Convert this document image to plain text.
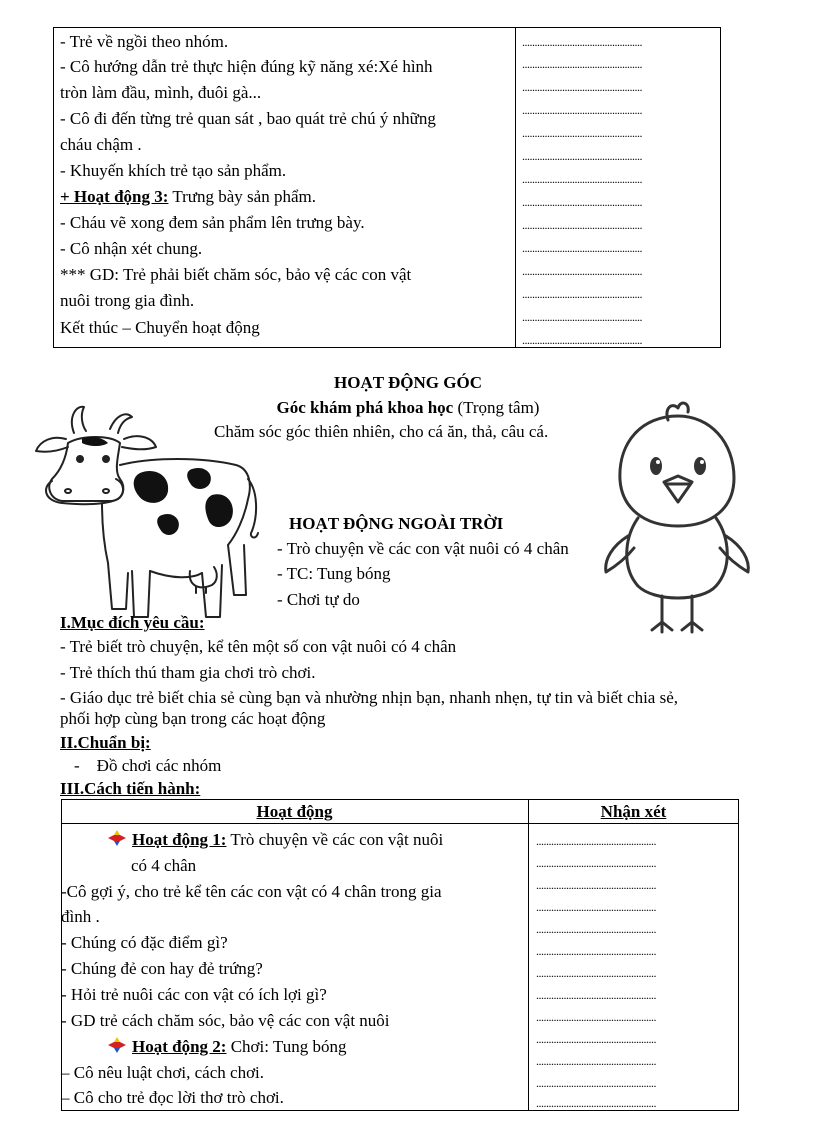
- Trẻ về ngồi theo nhóm.
- Cô hướng dẫn trẻ thực hiện đúng kỹ năng xé:Xé hình
tròn làm đầu, mình, đuôi gà...
- Cô đi đến từng trẻ quan sát , bao quát trẻ chú ý những
cháu chậm .
- Khuyến khích trẻ tạo sản phẩm.
+ Hoạt động 3: Trưng bày sản phẩm.
- Cháu vẽ xong đem sản phẩm lên trưng bày.
- Cô nhận xét chung.
*** GD: Trẻ phải biết chăm sóc, bảo vệ các con vật
nuôi trong gia đình.
Kết thúc – Chuyển hoạt động
................................................
................................................
................................................
................................................
................................................
................................................
................................................
................................................
................................................
................................................
................................................
................................................
................................................
................................................
HOẠT ĐỘNG GÓC
Góc khám phá khoa học (Trọng tâm)
Chăm sóc góc thiên nhiên, cho cá ăn, thả, câu cá.
HOẠT ĐỘNG NGOÀI TRỜI
- Trò chuyện về các con vật nuôi có 4 chân
- TC: Tung bóng
- Chơi tự do
I.Mục đích yêu cầu:
- Trẻ biết trò chuyện, kể tên một số con vật nuôi có 4 chân
- Trẻ thích thú tham gia chơi trò chơi.
- Giáo dục trẻ biết chia sẻ cùng bạn và nhường nhịn bạn, nhanh nhẹn, tự tin và biết chia sẻ,
phối hợp cùng bạn trong các hoạt động
II.Chuẩn bị:
-    Đồ chơi các nhóm
III.Cách tiến hành:
Hoạt động	Nhận xét
Hoạt động 1: Trò chuyện về các con vật nuôi
có 4 chân
-Cô gợi ý, cho trẻ kể tên các con vật có 4 chân trong gia
đình .
- Chúng có đặc điểm gì?
- Chúng đẻ con hay đẻ trứng?
- Hỏi trẻ nuôi các con vật có ích lợi gì?
- GD trẻ cách chăm sóc, bảo vệ các con vật nuôi
Hoạt động 2: Chơi: Tung bóng
– Cô nêu luật chơi, cách chơi.
– Cô cho trẻ đọc lời thơ trò chơi.
................................................
................................................
................................................
................................................
................................................
................................................
................................................
................................................
................................................
................................................
................................................
................................................
................................................
